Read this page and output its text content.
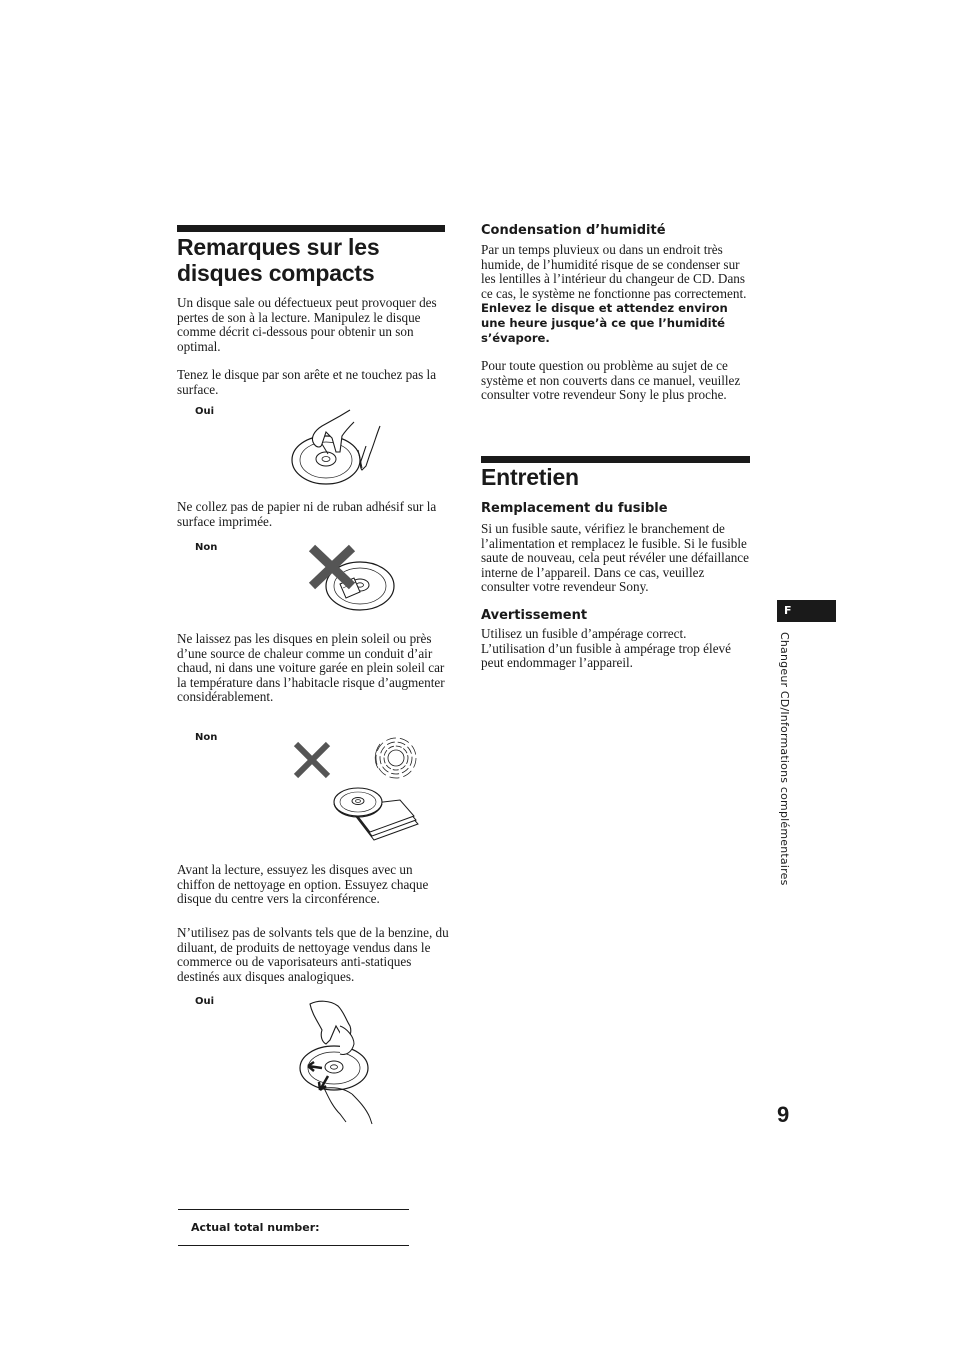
Remarques sur les disques compacts

Un disque sale ou défectueux peut provoquer des pertes de son à la lecture. Manipulez le disque comme décrit ci-dessous pour obtenir un son optimal.

Tenez le disque par son arête et ne touchez pas la surface.

Oui

Ne collez pas de papier ni de ruban adhésif sur la surface imprimée.

Non

Ne laissez pas les disques en plein soleil ou près d’une source de chaleur comme un conduit d’air chaud, ni dans une voiture garée en plein soleil car la température dans l’habitacle risque d’augmenter considérablement.

Non

Avant la lecture, essuyez les disques avec un chiffon de nettoyage en option. Essuyez chaque disque du centre vers la circonférence.

N’utilisez pas de solvants tels que de la benzine, du diluant, de produits de nettoyage vendus dans le commerce ou de vaporisateurs anti-statiques destinés aux disques analogiques.

Oui
Condensation d’humidité

Par un temps pluvieux ou dans un endroit très humide, de l’humidité risque de se condenser sur les lentilles à l’intérieur du changeur de CD. Dans ce cas, le système ne fonctionne pas correctement. Enlevez le disque et attendez environ une heure jusque’à ce que l’humidité s’évapore.

Pour toute question ou problème au sujet de ce système et non couverts dans ce manuel, veuillez consulter votre revendeur Sony le plus proche.

Entretien
Remplacement du fusible

Si un fusible saute, vérifiez le branchement de l’alimentation et remplacez le fusible. Si le fusible saute de nouveau, cela peut révéler une défaillance interne de l’appareil. Dans ce cas, veuillez consulter votre revendeur Sony.

Avertissement

Utilisez un fusible d’ampérage correct. L’utilisation d’un fusible à ampérage trop élevé peut endommager l’appareil.

F
Changeur CD/Informations complémentaires
9
Actual total number:
